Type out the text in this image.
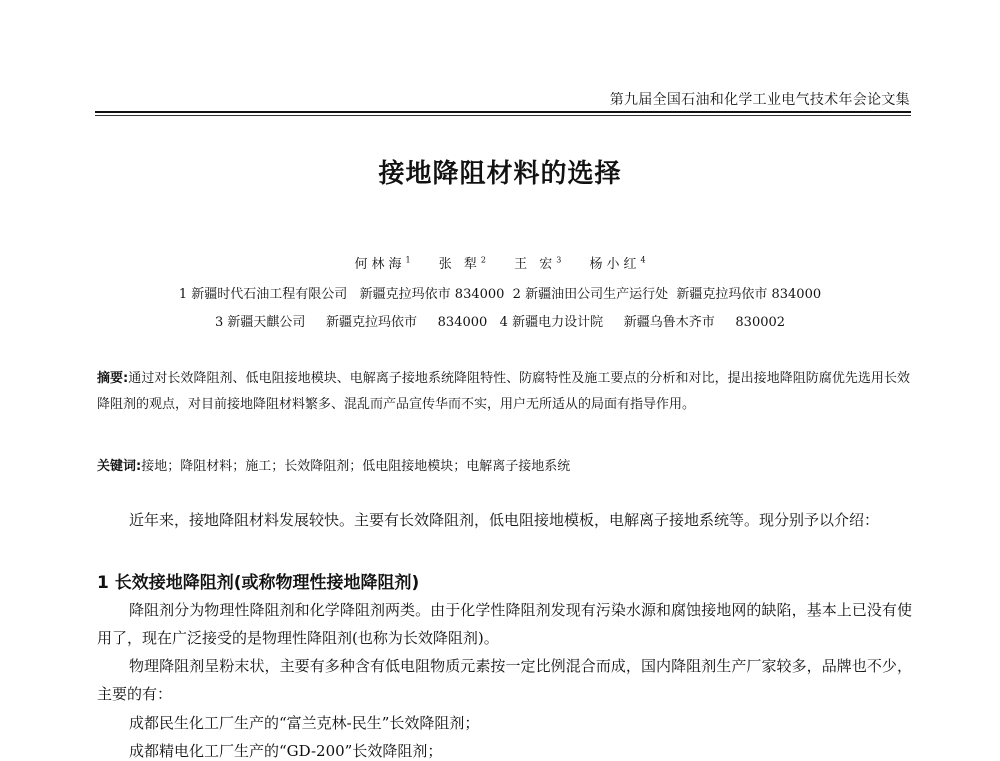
第九届全国石油和化学工业电气技术年会论文集
接地降阻材料的选择
何林海$^1$ 张 犁$^2$ 王 宏$^3$ 杨小红$^4$
1 新疆时代石油工程有限公司   新疆克拉玛依市 834000  2 新疆油田公司生产运行处  新疆克拉玛依市 834000
3 新疆天麒公司     新疆克拉玛依市     834000   4 新疆电力设计院     新疆乌鲁木齐市     830002
摘要:通过对长效降阻剂、低电阻接地模块、电解离子接地系统降阻特性、防腐特性及施工要点的分析和对比，提出接地降阻防腐优先选用长效降阻剂的观点，对目前接地降阻材料繁多、混乱而产品宣传华而不实，用户无所适从的局面有指导作用。
关键词:接地；降阻材料；施工；长效降阻剂；低电阻接地模块；电解离子接地系统
近年来，接地降阻材料发展较快。主要有长效降阻剂，低电阻接地模板，电解离子接地系统等。现分别予以介绍：
1 长效接地降阻剂(或称物理性接地降阻剂)
降阻剂分为物理性降阻剂和化学降阻剂两类。由于化学性降阻剂发现有污染水源和腐蚀接地网的缺陷，基本上已没有使用了，现在广泛接受的是物理性降阻剂(也称为长效降阻剂)。
物理降阻剂呈粉末状，主要有多种含有低电阻物质元素按一定比例混合而成，国内降阻剂生产厂家较多，品牌也不少，主要的有：
成都民生化工厂生产的“富兰克林-民生”长效降阻剂；
成都精电化工厂生产的“GD-200”长效降阻剂；
